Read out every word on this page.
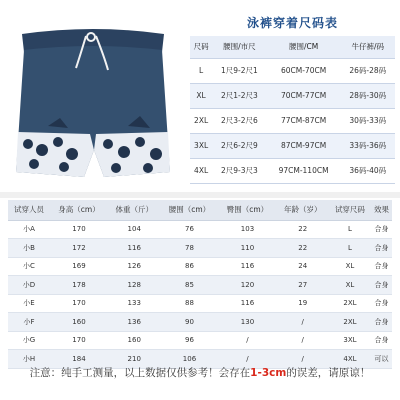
泳裤穿着尺码表
尺码	腰围/市尺	腰围/CM	牛仔裤/码
L	1尺9-2尺1	60CM-70CM	26码-28码
XL	2尺1-2尺3	70CM-77CM	28码-30码
2XL	2尺3-2尺6	77CM-87CM	30码-33码
3XL	2尺6-2尺9	87CM-97CM	33码-36码
4XL	2尺9-3尺3	97CM-110CM	36码-40码
试穿人员	身高（cm）	体重（斤）	腰围（cm）	臀围（cm）	年龄（岁）	试穿尺码	效果
小A	170	104	76	103	22	L	合身
小B	172	116	78	110	22	L	合身
小C	169	126	86	116	24	XL	合身
小D	178	128	85	120	27	XL	合身
小E	170	133	88	116	19	2XL	合身
小F	160	136	90	130	/	2XL	合身
小G	170	160	96	/	/	3XL	合身
小H	184	210	106	/	/	4XL	可以
注意：纯手工测量，以上数据仅供参考！会存在1-3cm的误差，请原谅！
